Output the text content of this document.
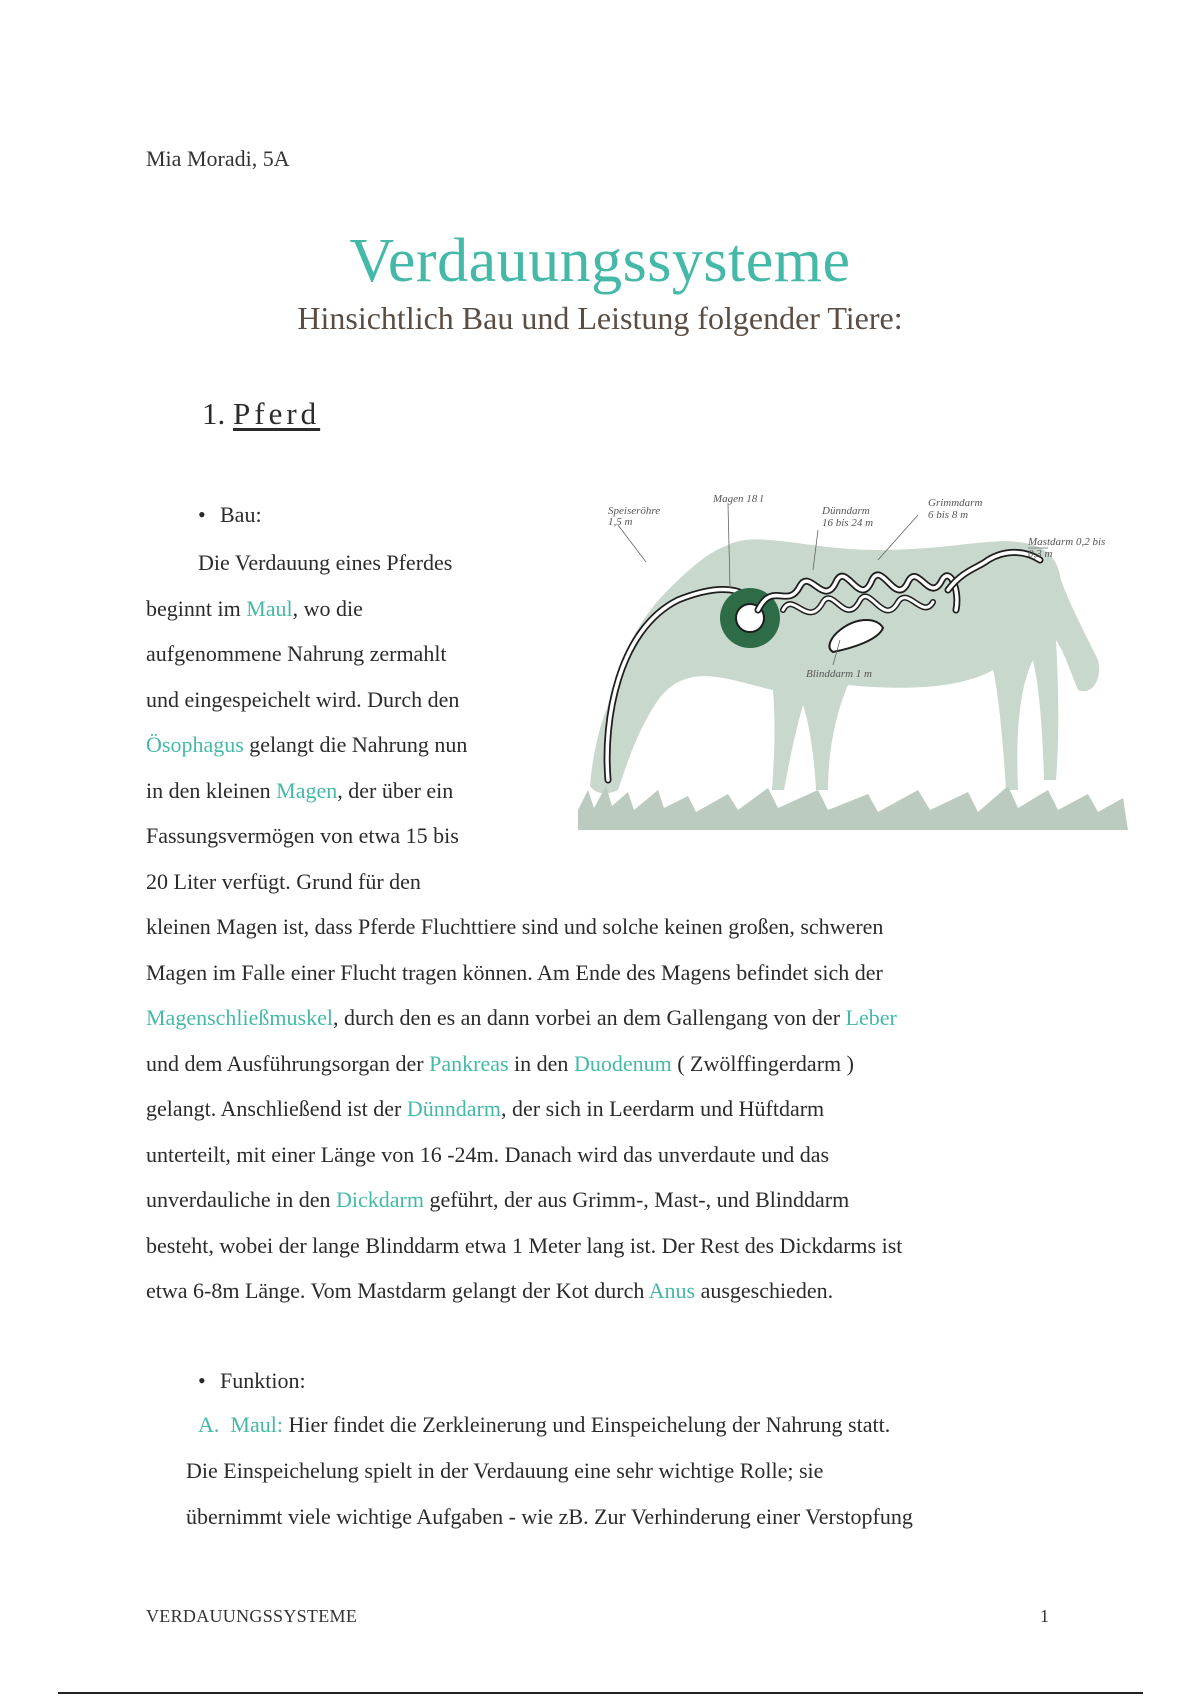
Mia Moradi, 5A
Verdauungssysteme
Hinsichtlich Bau und Leistung folgender Tiere:
1. Pferd
• Bau:
Die Verdauung eines Pferdes
beginnt im Maul, wo die
aufgenommene Nahrung zermahlt
und eingespeichelt wird. Durch den
Ösophagus gelangt die Nahrung nun
in den kleinen Magen, der über ein
Fassungsvermögen von etwa 15 bis
20 Liter verfügt. Grund für den
kleinen Magen ist, dass Pferde Fluchttiere sind und solche keinen großen, schweren
Magen im Falle einer Flucht tragen können. Am Ende des Magens befindet sich der
Magenschließmuskel, durch den es an dann vorbei an dem Gallengang von der Leber
und dem Ausführungsorgan der Pankreas in den Duodenum ( Zwölffingerdarm )
gelangt. Anschließend ist der Dünndarm, der sich in Leerdarm und Hüftdarm
unterteilt, mit einer Länge von 16 -24m. Danach wird das unverdaute und das
unverdauliche in den Dickdarm geführt, der aus Grimm-, Mast-, und Blinddarm
besteht, wobei der lange Blinddarm etwa 1 Meter lang ist. Der Rest des Dickdarms ist
etwa 6-8m Länge. Vom Mastdarm gelangt der Kot durch Anus ausgeschieden.
Magen 18 l
Speiseröhre
1,5 m
Dünndarm
16 bis 24 m
Grimmdarm
6 bis 8 m
Mastdarm 0,2 bis
0,3 m
Blinddarm 1 m
• Funktion:
A. Maul: Hier findet die Zerkleinerung und Einspeichelung der Nahrung statt.
Die Einspeichelung spielt in der Verdauung eine sehr wichtige Rolle; sie
übernimmt viele wichtige Aufgaben - wie zB. Zur Verhinderung einer Verstopfung
VERDAUUNGSSYSTEME	1
